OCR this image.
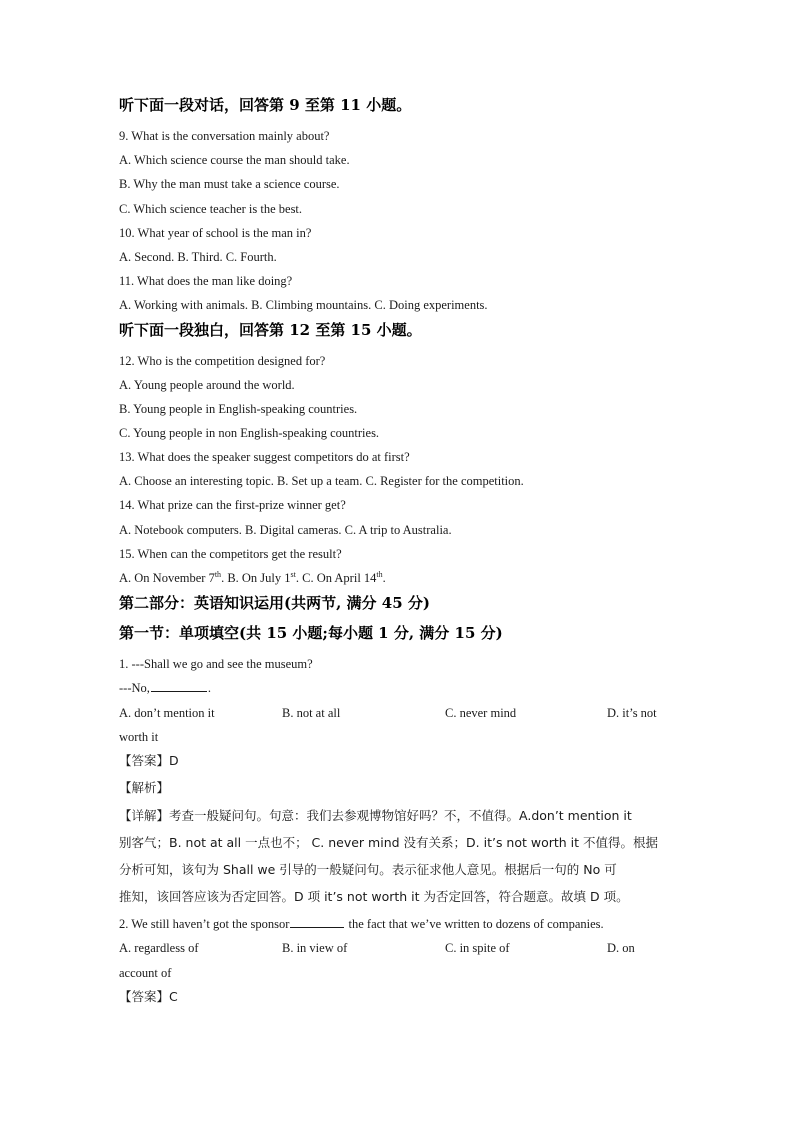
听下面一段对话，回答第 9 至第 11 小题。
9. What is the conversation mainly about?
A. Which science course the man should take.
B. Why the man must take a science course.
C. Which science teacher is the best.
10. What year of school is the man in?
A. Second. B. Third. C. Fourth.
11. What does the man like doing?
A. Working with animals. B. Climbing mountains. C. Doing experiments.
听下面一段独白，回答第 12 至第 15 小题。
12. Who is the competition designed for?
A. Young people around the world.
B. Young people in English-speaking countries.
C. Young people in non English-speaking countries.
13. What does the speaker suggest competitors do at first?
A. Choose an interesting topic. B. Set up a team. C. Register for the competition.
14. What prize can the first-prize winner get?
A. Notebook computers. B. Digital cameras. C. A trip to Australia.
15. When can the competitors get the result?
A. On November 7th. B. On July 1st. C. On April 14th.
第二部分：英语知识运用(共两节, 满分 45 分)
第一节：单项填空(共 15 小题;每小题 1 分, 满分 15 分)
1. ---Shall we go and see the museum?
---No,	.
A. don’t mention it	B. not at all	C. never mind	D. it’s not
worth it
【答案】D
【解析】
【详解】考查一般疑问句。句意：我们去参观博物馆好吗？不，不值得。A.don’t mention it
别客气；B. not at all 一点也不； C. never mind 没有关系；D. it’s not worth it 不值得。根据
分析可知，该句为 Shall we 引导的一般疑问句。表示征求他人意见。根据后一句的 No 可
推知，该回答应该为否定回答。D 项 it’s not worth it 为否定回答，符合题意。故填 D 项。
2. We still haven’t got the sponsor	the fact that we’ve written to dozens of companies.
A. regardless of	B. in view of	C. in spite of	D. on
account of
【答案】C
